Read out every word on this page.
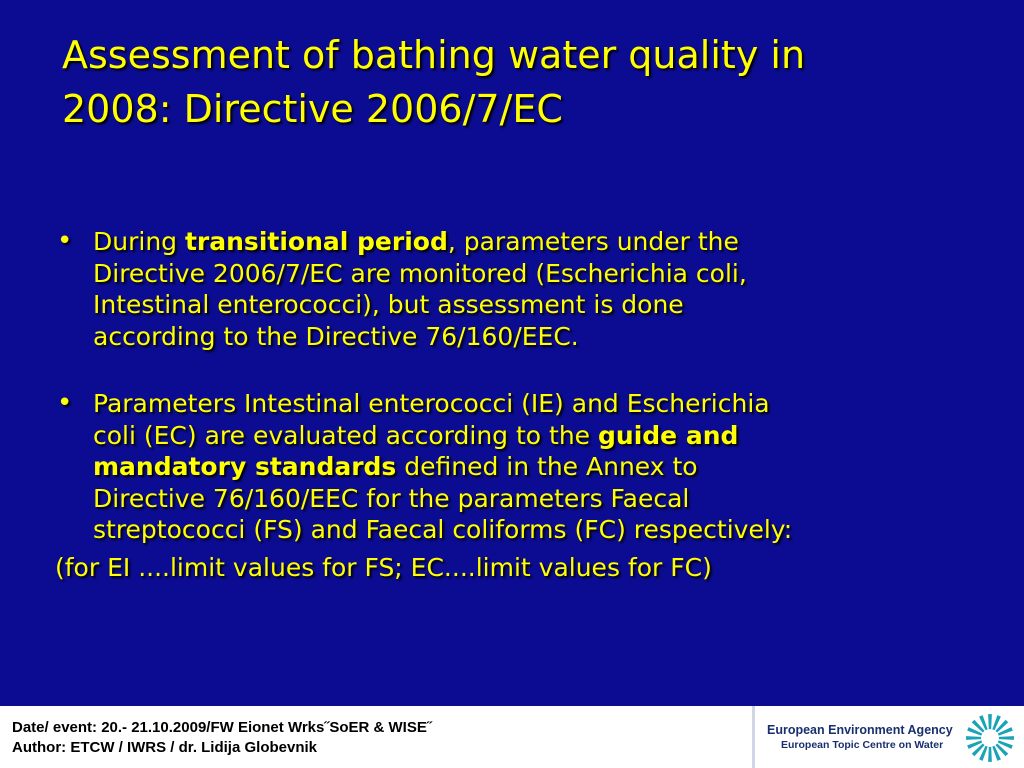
Assessment of bathing water quality in
2008: Directive 2006/7/EC
• During transitional period, parameters under the
Directive 2006/7/EC are monitored (Escherichia coli,
Intestinal enterococci), but assessment is done
according to the Directive 76/160/EEC.
• Parameters Intestinal enterococci (IE) and Escherichia
coli (EC) are evaluated according to the guide and
mandatory standards defined in the Annex to
Directive 76/160/EEC for the parameters Faecal
streptococci (FS) and Faecal coliforms (FC) respectively:
(for EI ....limit values for FS; EC....limit values for FC)
Date/ event: 20.- 21.10.2009/FW Eionet Wrks˝SoER & WISE˝
Author: ETCW / IWRS / dr. Lidija Globevnik
European Environment Agency
European Topic Centre on Water
